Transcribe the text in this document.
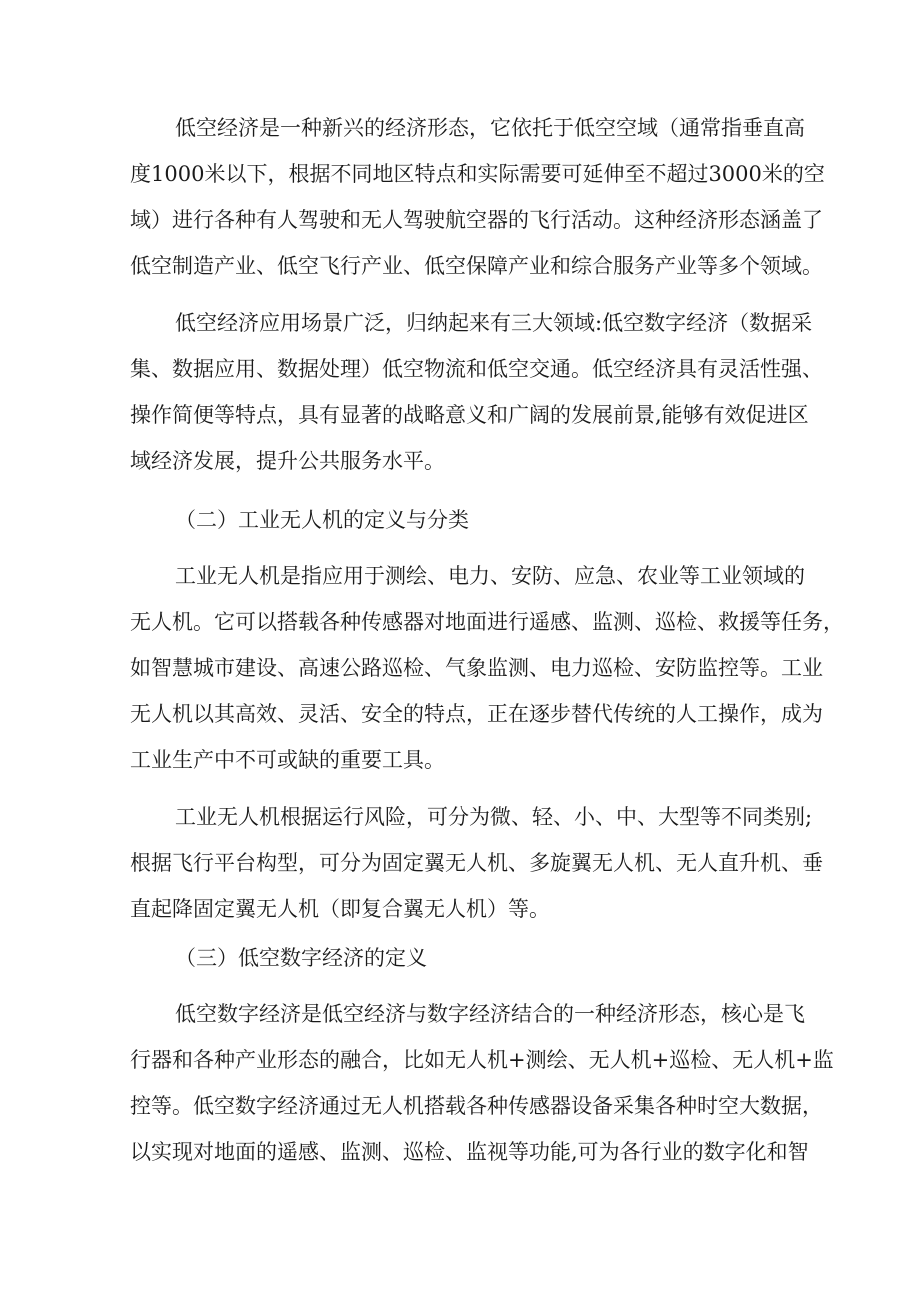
低空经济是一种新兴的经济形态，它依托于低空空域（通常指垂直高
度1000米以下，根据不同地区特点和实际需要可延伸至不超过3000米的空
域）进行各种有人驾驶和无人驾驶航空器的飞行活动。这种经济形态涵盖了
低空制造产业、低空飞行产业、低空保障产业和综合服务产业等多个领域。
低空经济应用场景广泛，归纳起来有三大领域:低空数字经济（数据采
集、数据应用、数据处理）低空物流和低空交通。低空经济具有灵活性强、
操作简便等特点，具有显著的战略意义和广阔的发展前景,能够有效促进区
域经济发展，提升公共服务水平。
（二）工业无人机的定义与分类
工业无人机是指应用于测绘、电力、安防、应急、农业等工业领域的
无人机。它可以搭载各种传感器对地面进行遥感、监测、巡检、救援等任务，
如智慧城市建设、高速公路巡检、气象监测、电力巡检、安防监控等。工业
无人机以其高效、灵活、安全的特点，正在逐步替代传统的人工操作，成为
工业生产中不可或缺的重要工具。
工业无人机根据运行风险，可分为微、轻、小、中、大型等不同类别;
根据飞行平台构型，可分为固定翼无人机、多旋翼无人机、无人直升机、垂
直起降固定翼无人机（即复合翼无人机）等。
（三）低空数字经济的定义
低空数字经济是低空经济与数字经济结合的一种经济形态，核心是飞
行器和各种产业形态的融合，比如无人机+测绘、无人机+巡检、无人机+监
控等。低空数字经济通过无人机搭载各种传感器设备采集各种时空大数据，
以实现对地面的遥感、监测、巡检、监视等功能,可为各行业的数字化和智
